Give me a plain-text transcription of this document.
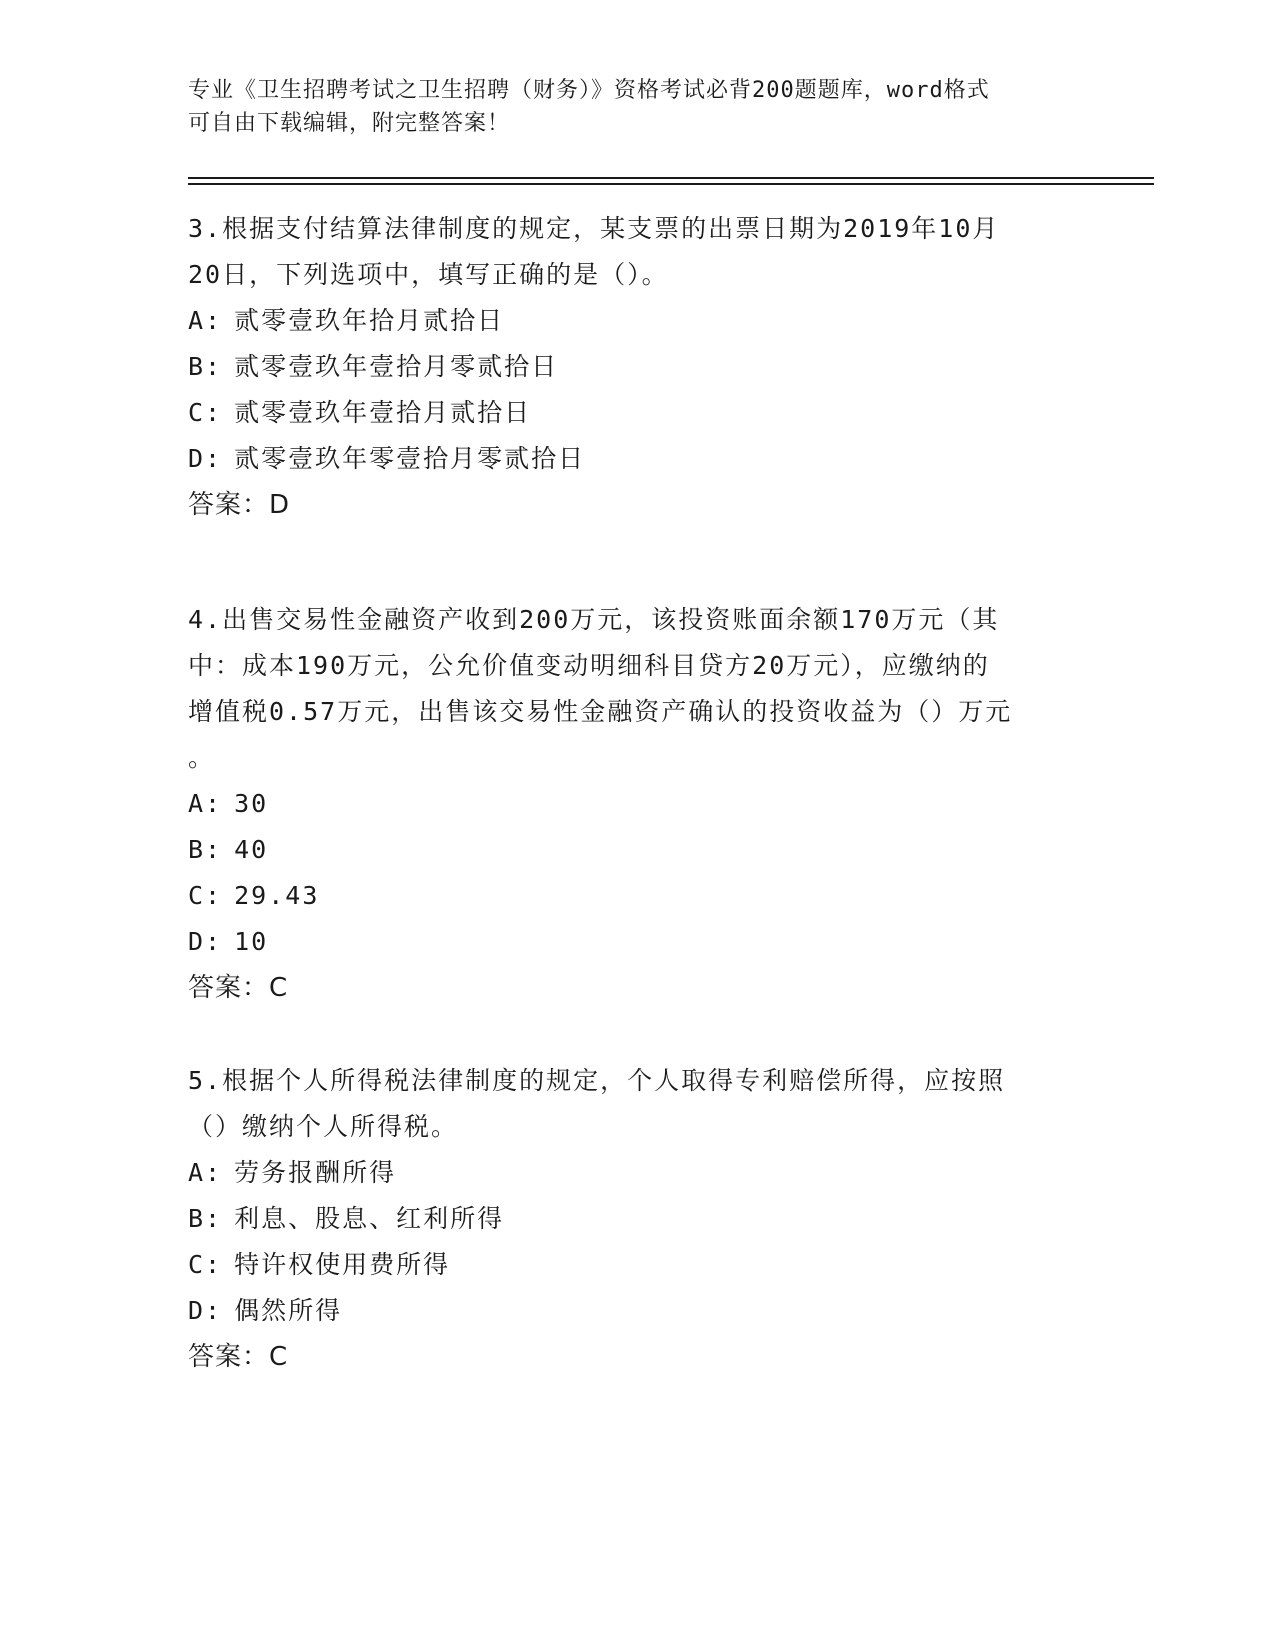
专业《卫生招聘考试之卫生招聘（财务）》资格考试必背200题题库，word格式
可自由下载编辑，附完整答案！

3.根据支付结算法律制度的规定，某支票的出票日期为2019年10月

20日，下列选项中，填写正确的是（）。

A: 贰零壹玖年拾月贰拾日
B: 贰零壹玖年壹拾月零贰拾日
C: 贰零壹玖年壹拾月贰拾日
D: 贰零壹玖年零壹拾月零贰拾日
答案：D

4.出售交易性金融资产收到200万元，该投资账面余额170万元（其

中：成本190万元，公允价值变动明细科目贷方20万元），应缴纳的

增值税0.57万元，出售该交易性金融资产确认的投资收益为（）万元

。

A: 30
B: 40
C: 29.43
D: 10
答案：C

5.根据个人所得税法律制度的规定，个人取得专利赔偿所得，应按照

（）缴纳个人所得税。

A: 劳务报酬所得
B: 利息、股息、红利所得
C: 特许权使用费所得
D: 偶然所得
答案：C
